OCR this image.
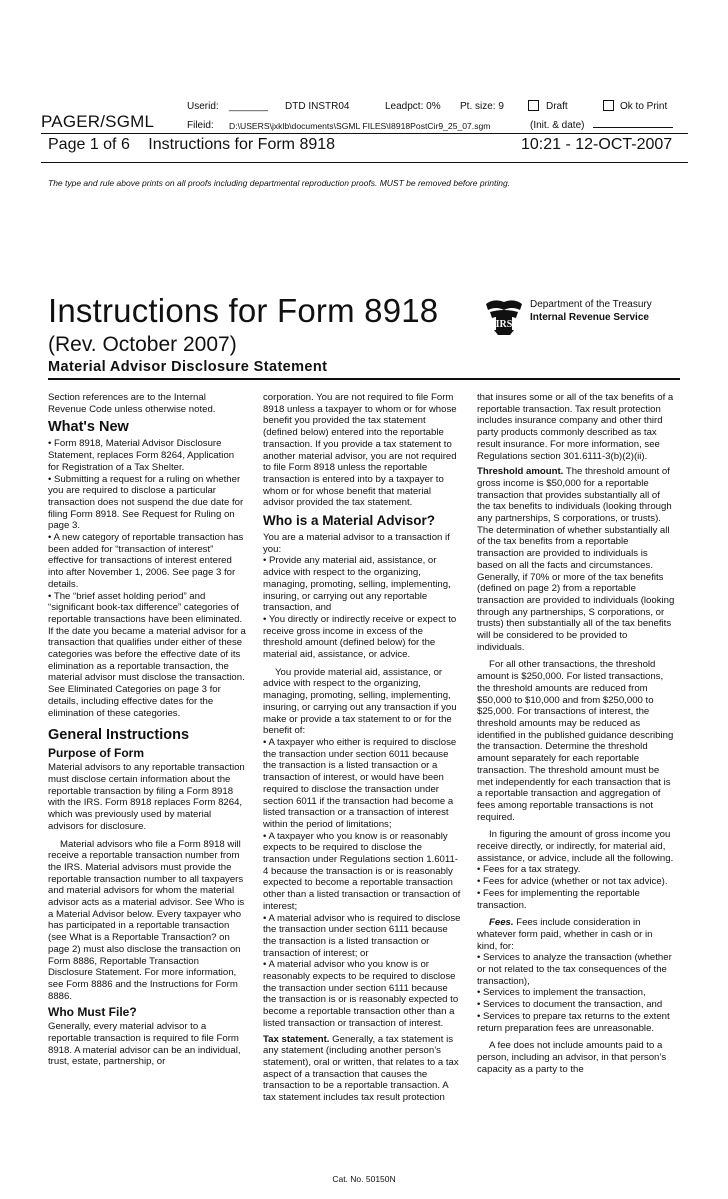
Userid: _______ DTD INSTR04	Leadpct: 0% Pt. size: 9	Draft	Ok to Print
PAGER/SGML	Fileid: D:\USERS\jxklb\documents\SGML FILES\I8918PostCir9_25_07.sgm	(Init. & date)
Page 1 of 6 Instructions for Form 8918	10:21 - 12-OCT-2007
The type and rule above prints on all proofs including departmental reproduction proofs. MUST be removed before printing.
Instructions for Form 8918
(Rev. October 2007)
Material Advisor Disclosure Statement
IRS
Department of the Treasury
Internal Revenue Service

Section references are to the Internal Revenue Code unless otherwise noted.

What's New

• Form 8918, Material Advisor Disclosure Statement, replaces Form 8264, Application for Registration of a Tax Shelter.

• Submitting a request for a ruling on whether you are required to disclose a particular transaction does not suspend the due date for filing Form 8918. See Request for Ruling on page 3.

• A new category of reportable transaction has been added for “transaction of interest” effective for transactions of interest entered into after November 1, 2006. See page 3 for details.

• The “brief asset holding period” and “significant book-tax difference” categories of reportable transactions have been eliminated. If the date you became a material advisor for a transaction that qualifies under either of these categories was before the effective date of its elimination as a reportable transaction, the material advisor must disclose the transaction. See Eliminated Categories on page 3 for details, including effective dates for the elimination of these categories.

General Instructions
Purpose of Form

Material advisors to any reportable transaction must disclose certain information about the reportable transaction by filing a Form 8918 with the IRS. Form 8918 replaces Form 8264, which was previously used by material advisors for disclosure.

Material advisors who file a Form 8918 will receive a reportable transaction number from the IRS. Material advisors must provide the reportable transaction number to all taxpayers and material advisors for whom the material advisor acts as a material advisor. See Who is a Material Advisor below. Every taxpayer who has participated in a reportable transaction (see What is a Reportable Transaction? on page 2) must also disclose the transaction on Form 8886, Reportable Transaction Disclosure Statement. For more information, see Form 8886 and the Instructions for Form 8886.

Who Must File?

Generally, every material advisor to a reportable transaction is required to file Form 8918. A material advisor can be an individual, trust, estate, partnership, or

corporation. You are not required to file Form 8918 unless a taxpayer to whom or for whose benefit you provided the tax statement (defined below) entered into the reportable transaction. If you provide a tax statement to another material advisor, you are not required to file Form 8918 unless the reportable transaction is entered into by a taxpayer to whom or for whose benefit that material advisor provided the tax statement.

Who is a Material Advisor?

You are a material advisor to a transaction if you:

• Provide any material aid, assistance, or advice with respect to the organizing, managing, promoting, selling, implementing, insuring, or carrying out any reportable transaction, and

• You directly or indirectly receive or expect to receive gross income in excess of the threshold amount (defined below) for the material aid, assistance, or advice.

You provide material aid, assistance, or advice with respect to the organizing, managing, promoting, selling, implementing, insuring, or carrying out any transaction if you make or provide a tax statement to or for the benefit of:

• A taxpayer who either is required to disclose the transaction under section 6011 because the transaction is a listed transaction or a transaction of interest, or would have been required to disclose the transaction under section 6011 if the transaction had become a listed transaction or a transaction of interest within the period of limitations;

• A taxpayer who you know is or reasonably expects to be required to disclose the transaction under Regulations section 1.6011-4 because the transaction is or is reasonably expected to become a reportable transaction other than a listed transaction or transaction of interest;

• A material advisor who is required to disclose the transaction under section 6111 because the transaction is a listed transaction or transaction of interest; or

• A material advisor who you know is or reasonably expects to be required to disclose the transaction under section 6111 because the transaction is or is reasonably expected to become a reportable transaction other than a listed transaction or transaction of interest.

Tax statement. Generally, a tax statement is any statement (including another person’s statement), oral or written, that relates to a tax aspect of a transaction that causes the transaction to be a reportable transaction. A tax statement includes tax result protection

that insures some or all of the tax benefits of a reportable transaction. Tax result protection includes insurance company and other third party products commonly described as tax result insurance. For more information, see Regulations section 301.6111-3(b)(2)(ii).

Threshold amount. The threshold amount of gross income is $50,000 for a reportable transaction that provides substantially all of the tax benefits to individuals (looking through any partnerships, S corporations, or trusts). The determination of whether substantially all of the tax benefits from a reportable transaction are provided to individuals is based on all the facts and circumstances. Generally, if 70% or more of the tax benefits (defined on page 2) from a reportable transaction are provided to individuals (looking through any partnerships, S corporations, or trusts) then substantially all of the tax benefits will be considered to be provided to individuals.

For all other transactions, the threshold amount is $250,000. For listed transactions, the threshold amounts are reduced from $50,000 to $10,000 and from $250,000 to $25,000. For transactions of interest, the threshold amounts may be reduced as identified in the published guidance describing the transaction. Determine the threshold amount separately for each reportable transaction. The threshold amount must be met independently for each transaction that is a reportable transaction and aggregation of fees among reportable transactions is not required.

In figuring the amount of gross income you receive directly, or indirectly, for material aid, assistance, or advice, include all the following.

• Fees for a tax strategy.

• Fees for advice (whether or not tax advice).

• Fees for implementing the reportable transaction.

Fees. Fees include consideration in whatever form paid, whether in cash or in kind, for:

• Services to analyze the transaction (whether or not related to the tax consequences of the transaction),

• Services to implement the transaction,

• Services to document the transaction, and

• Services to prepare tax returns to the extent return preparation fees are unreasonable.

A fee does not include amounts paid to a person, including an advisor, in that person’s capacity as a party to the

Cat. No. 50150N
